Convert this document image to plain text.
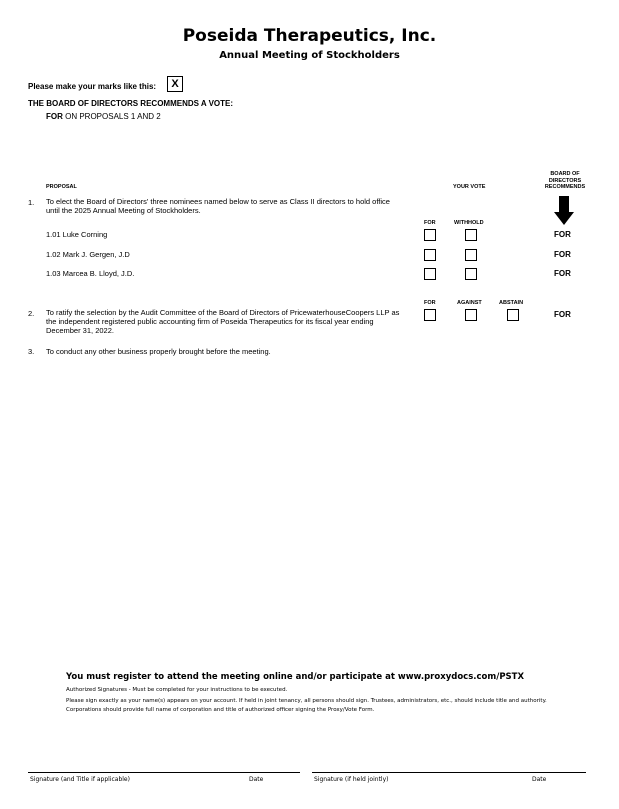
Poseida Therapeutics, Inc.
Annual Meeting of Stockholders
Please make your marks like this:	X
THE BOARD OF DIRECTORS RECOMMENDS A VOTE:
FOR ON PROPOSALS 1 AND 2
PROPOSAL	YOUR VOTE
BOARD OF DIRECTORS RECOMMENDS
1. To elect the Board of Directors' three nominees named below to serve as Class II directors to hold office until the 2025 Annual Meeting of Stockholders.
FOR	WITHHOLD
1.01 Luke Corning	FOR
1.02 Mark J. Gergen, J.D	FOR
1.03 Marcea B. Lloyd, J.D.	FOR
FOR	AGAINST	ABSTAIN
2. To ratify the selection by the Audit Committee of the Board of Directors of PricewaterhouseCoopers LLP as the independent registered public accounting firm of Poseida Therapeutics for its fiscal year ending December 31, 2022.
FOR
3. To conduct any other business properly brought before the meeting.
You must register to attend the meeting online and/or participate at www.proxydocs.com/PSTX
Authorized Signatures - Must be completed for your instructions to be executed.
Please sign exactly as your name(s) appears on your account. If held in joint tenancy, all persons should sign. Trustees, administrators, etc., should include title and authority. Corporations should provide full name of corporation and title of authorized officer signing the Proxy/Vote Form.
Signature (and Title if applicable)	Date	Signature (if held jointly)	Date
